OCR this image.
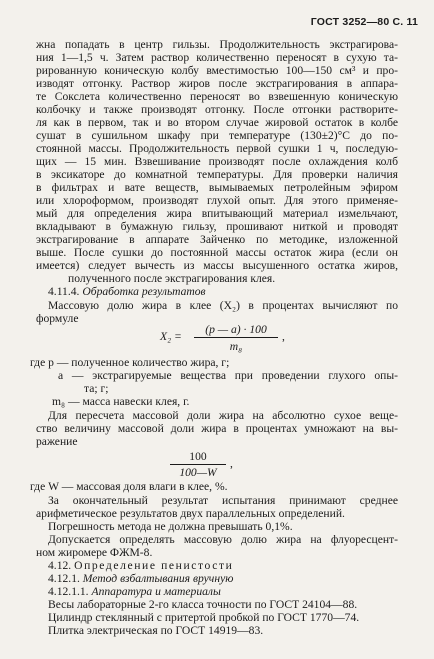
ГОСТ 3252—80 С. 11
жна попадать в центр гильзы. Продолжительность экстрагирова-
ния 1—1,5 ч. Затем раствор количественно переносят в сухую та-
рированную коническую колбу вместимостью 100—150 см³ и про-
изводят отгонку. Раствор жиров после экстрагирования в аппара-
те Сокслета количественно переносят во взвешенную коническую
колбочку и также производят отгонку. После отгонки растворите-
ля как в первом, так и во втором случае жировой остаток в колбе
сушат в сушильном шкафу при температуре (130±2)°С до по-
стоянной массы. Продолжительность первой сушки 1 ч, последую-
щих — 15 мин. Взвешивание производят после охлаждения колб
в эксикаторе до комнатной температуры. Для проверки наличия
в фильтрах и вате веществ, вымываемых петролейным эфиром
или хлороформом, производят глухой опыт. Для этого применяе-
мый для определения жира впитывающий материал измельчают,
вкладывают в бумажную гильзу, прошивают ниткой и проводят
экстрагирование в аппарате Зайченко по методике, изложенной
выше. После сушки до постоянной массы остаток жира (если он
имеется) следует вычесть из массы высушенного остатка жиров,
полученного после экстрагирования клея.
4.11.4. Обработка результатов
Массовую долю жира в клее (X₂) в процентах вычисляют по
формуле
X₂ =
(p — a) · 100
m₈
,
где p — полученное количество жира, г;
a — экстрагируемые вещества при проведении глухого опы-
та; г;
m₈ — масса навески клея, г.
Для пересчета массовой доли жира на абсолютно сухое веще-
ство величину массовой доли жира в процентах умножают на вы-
ражение
100
100—W
,
где W — массовая доля влаги в клее, %.
За окончательный результат испытания принимают среднее
арифметическое результатов двух параллельных определений.
Погрешность метода не должна превышать 0,1%.
Допускается определять массовую долю жира на флуоресцент-
ном жиромере ФЖМ-8.
4.12. Определение пенистости
4.12.1. Метод взбалтывания вручную
4.12.1.1. Аппаратура и материалы
Весы лабораторные 2-го класса точности по ГОСТ 24104—88.
Цилиндр стеклянный с притертой пробкой по ГОСТ 1770—74.
Плитка электрическая по ГОСТ 14919—83.
